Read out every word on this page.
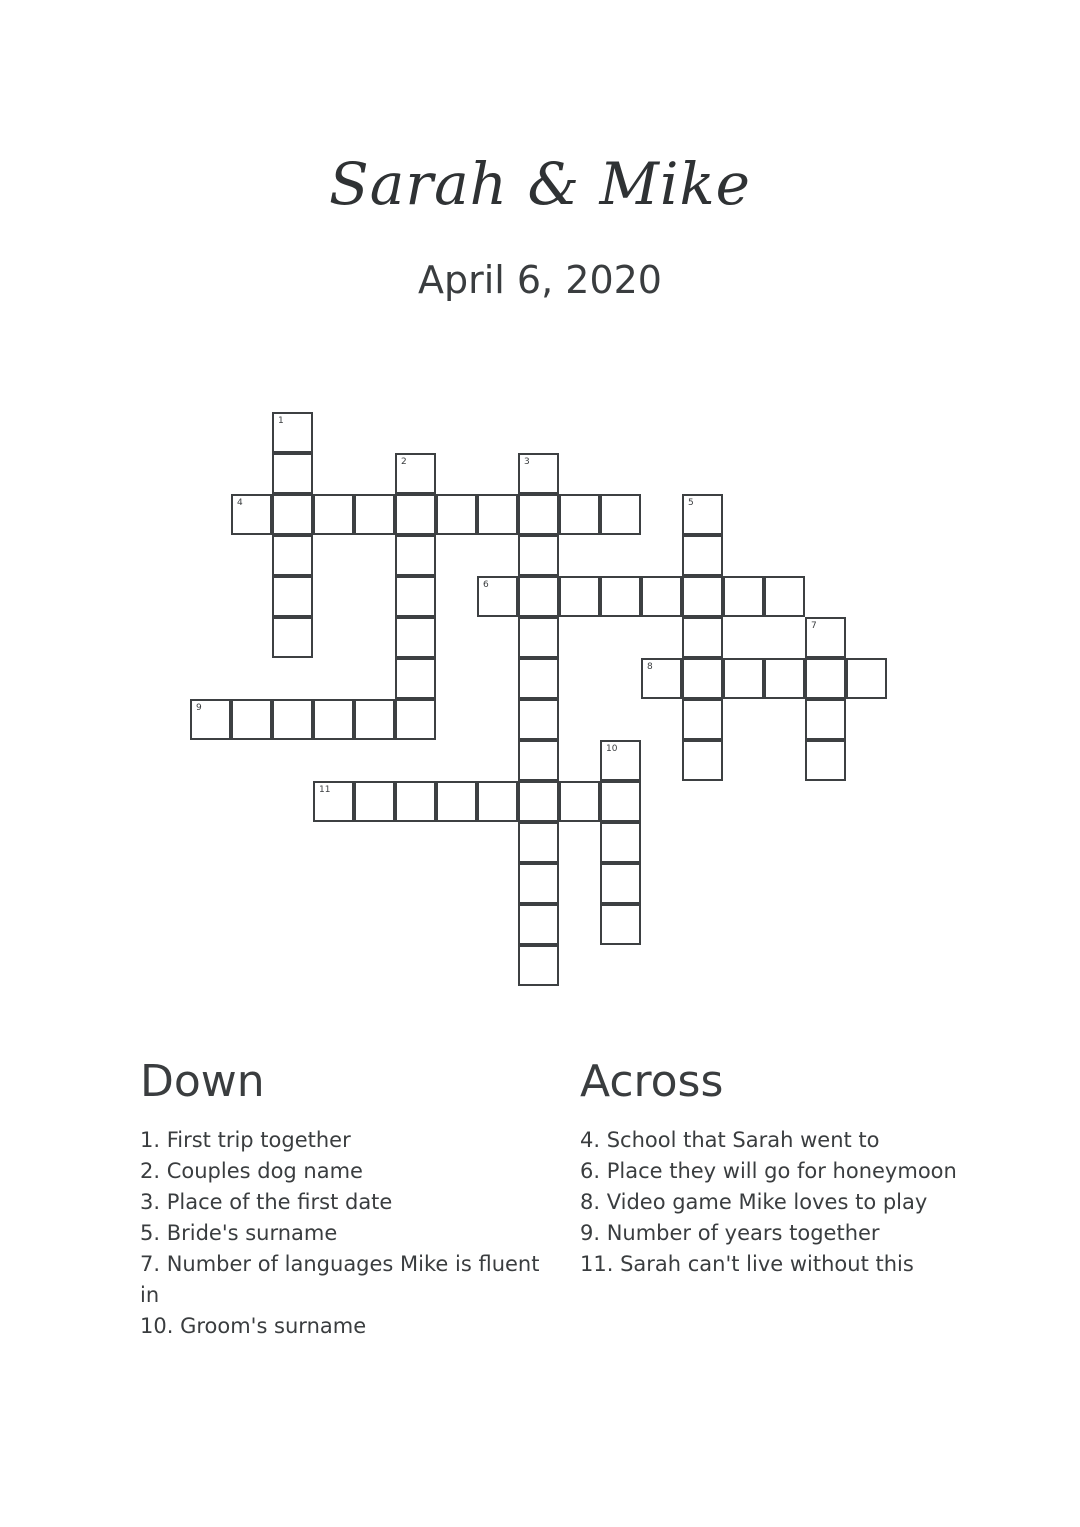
Sarah & Mike
April 6, 2020
1
2	3
4	5
6
7
8
9
10
11
Down
1. First trip together
2. Couples dog name
3. Place of the first date
5. Bride's surname
7. Number of languages Mike is fluent in
10. Groom's surname
Across
4. School that Sarah went to
6. Place they will go for honeymoon
8. Video game Mike loves to play
9. Number of years together
11. Sarah can't live without this
